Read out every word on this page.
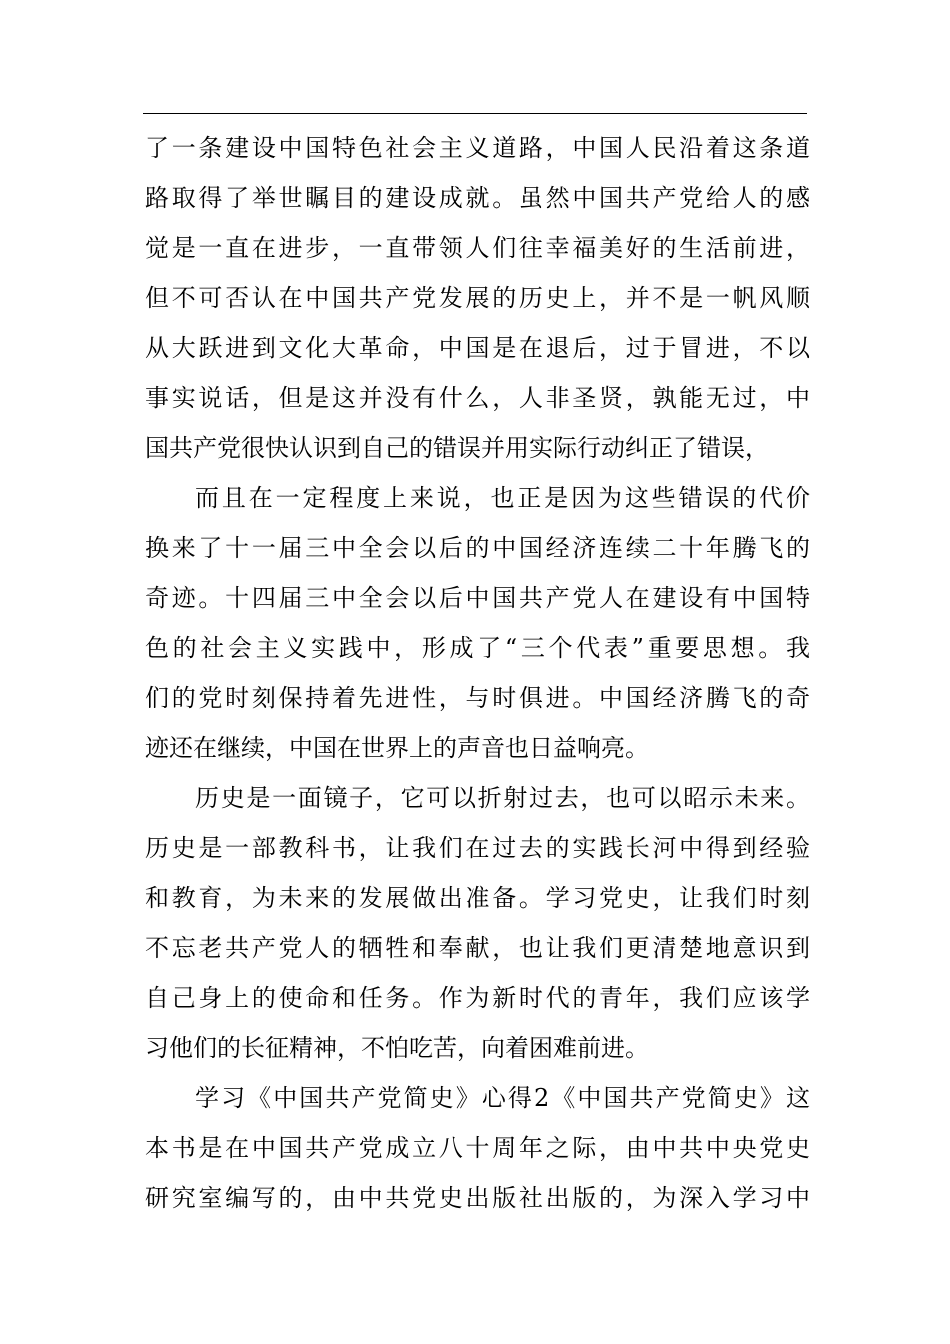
了一条建设中国特色社会主义道路，中国人民沿着这条道
路取得了举世瞩目的建设成就。虽然中国共产党给人的感
觉是一直在进步，一直带领人们往幸福美好的生活前进，
但不可否认在中国共产党发展的历史上，并不是一帆风顺
从大跃进到文化大革命，中国是在退后，过于冒进，不以
事实说话，但是这并没有什么，人非圣贤，孰能无过，中
国共产党很快认识到自己的错误并用实际行动纠正了错误，
而且在一定程度上来说，也正是因为这些错误的代价
换来了十一届三中全会以后的中国经济连续二十年腾飞的
奇迹。十四届三中全会以后中国共产党人在建设有中国特
色的社会主义实践中，形成了“三个代表”重要思想。我
们的党时刻保持着先进性，与时俱进。中国经济腾飞的奇
迹还在继续，中国在世界上的声音也日益响亮。
历史是一面镜子，它可以折射过去，也可以昭示未来。
历史是一部教科书，让我们在过去的实践长河中得到经验
和教育，为未来的发展做出准备。学习党史，让我们时刻
不忘老共产党人的牺牲和奉献，也让我们更清楚地意识到
自己身上的使命和任务。作为新时代的青年，我们应该学
习他们的长征精神，不怕吃苦，向着困难前进。
学习《中国共产党简史》心得2《中国共产党简史》这
本书是在中国共产党成立八十周年之际，由中共中央党史
研究室编写的，由中共党史出版社出版的，为深入学习中
